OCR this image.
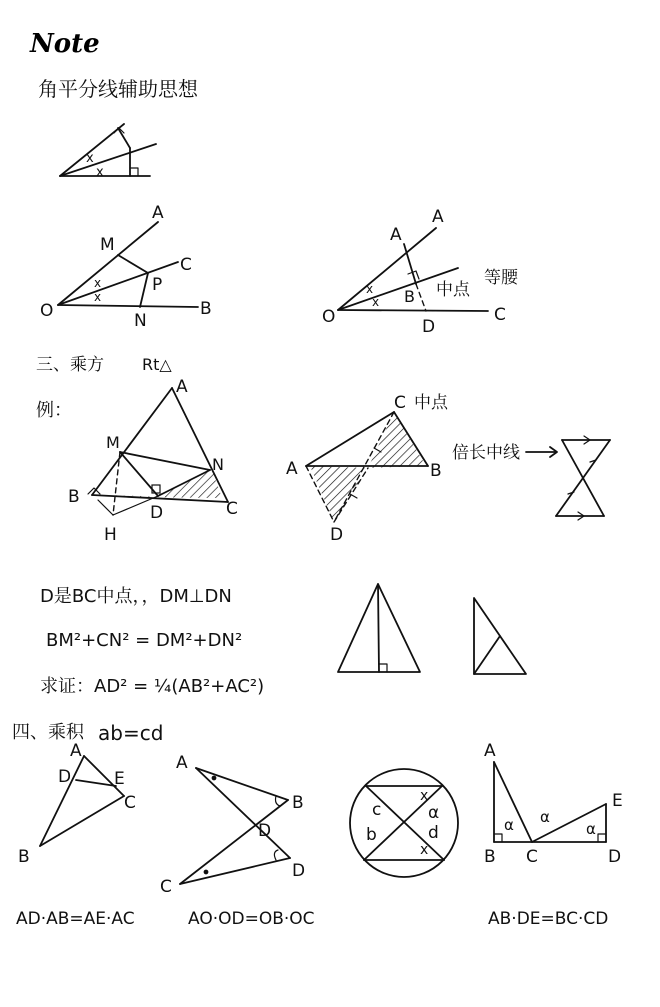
Note
角平分线辅助思想
x
x
x
x
A
M
C
P
O	N
B
x
x
A
A
B
C
O	D
中点
等腰
三、乘方 Rt△
例：
A
M
N
B
D	C
H
C 中点
A	B
D
倍长中线
D是BC中点，，DM⊥DN
BM²+CN² = DM²+DN²
求证：AD² = ¼(AB²+AC²)
四、乘积 ab=cd
A
D	E
C
B
A
B
D
D
C
c
x
α
d
b
x
A
E
α α
α
B C	D
AD·AB=AE·AC	AO·OD=OB·OC	AB·DE=BC·CD
